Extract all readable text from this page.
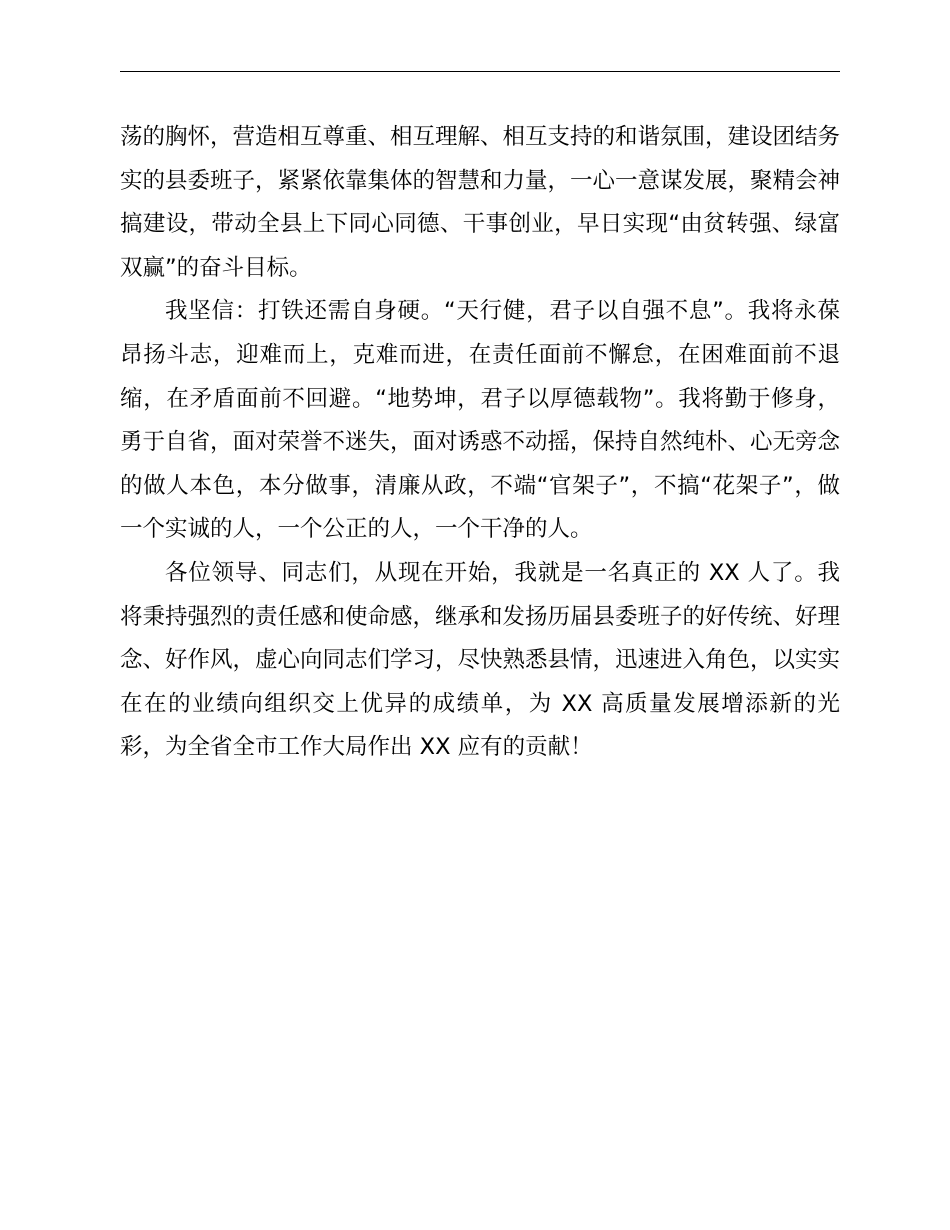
荡的胸怀，营造相互尊重、相互理解、相互支持的和谐氛围，建设团结务实的县委班子，紧紧依靠集体的智慧和力量，一心一意谋发展，聚精会神搞建设，带动全县上下同心同德、干事创业，早日实现“由贫转强、绿富双赢”的奋斗目标。

我坚信：打铁还需自身硬。“天行健，君子以自强不息”。我将永葆昂扬斗志，迎难而上，克难而进，在责任面前不懈怠，在困难面前不退缩，在矛盾面前不回避。“地势坤，君子以厚德载物”。我将勤于修身，勇于自省，面对荣誉不迷失，面对诱惑不动摇，保持自然纯朴、心无旁念的做人本色，本分做事，清廉从政，不端“官架子”，不搞“花架子”，做一个实诚的人，一个公正的人，一个干净的人。

各位领导、同志们，从现在开始，我就是一名真正的 XX 人了。我将秉持强烈的责任感和使命感，继承和发扬历届县委班子的好传统、好理念、好作风，虚心向同志们学习，尽快熟悉县情，迅速进入角色，以实实在在的业绩向组织交上优异的成绩单，为 XX 高质量发展增添新的光彩，为全省全市工作大局作出 XX 应有的贡献！
